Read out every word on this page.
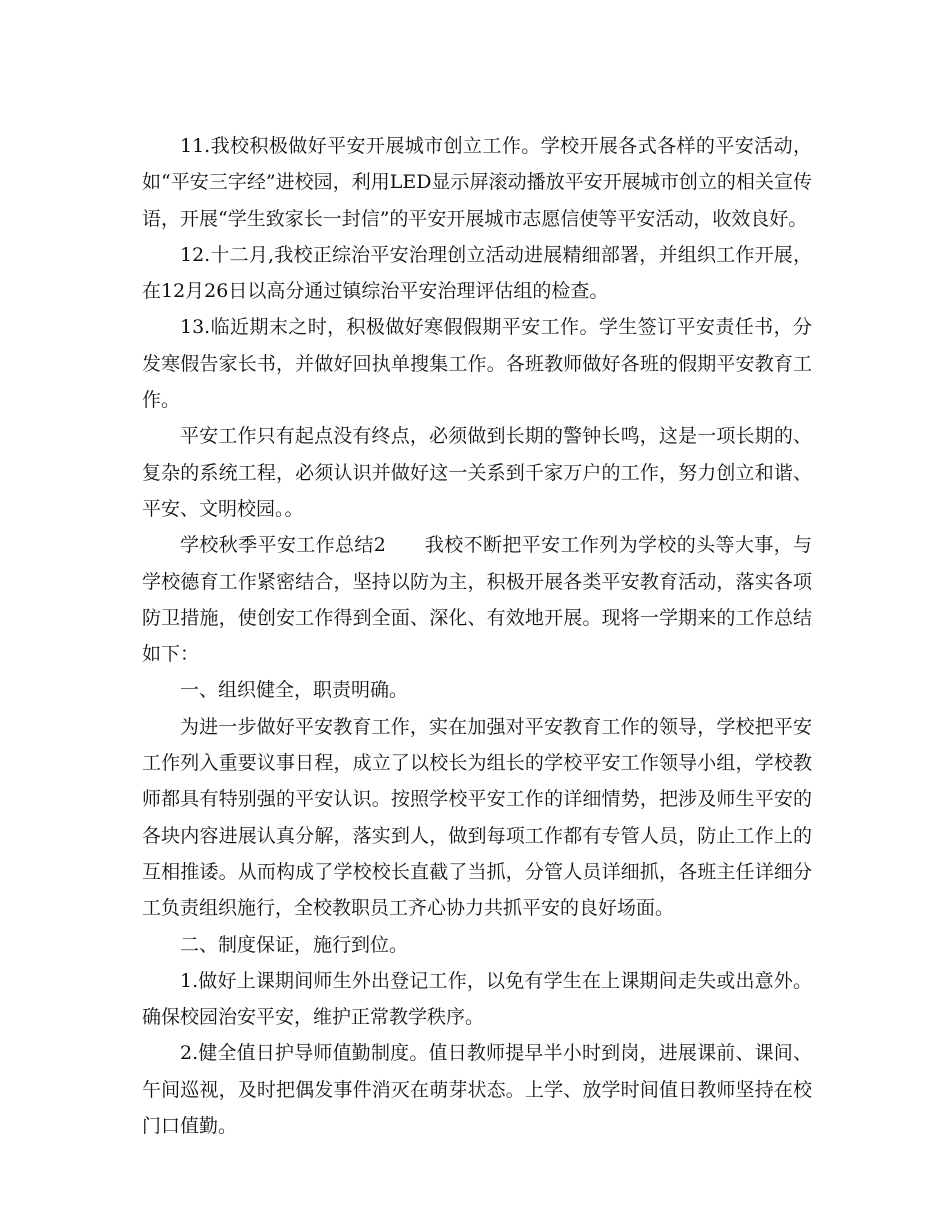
11.我校积极做好平安开展城市创立工作。学校开展各式各样的平安活动，如“平安三字经”进校园，利用LED显示屏滚动播放平安开展城市创立的相关宣传语，开展“学生致家长一封信”的平安开展城市志愿信使等平安活动，收效良好。

12.十二月,我校正综治平安治理创立活动进展精细部署，并组织工作开展，在12月26日以高分通过镇综治平安治理评估组的检查。

13.临近期末之时，积极做好寒假假期平安工作。学生签订平安责任书，分发寒假告家长书，并做好回执单搜集工作。各班教师做好各班的假期平安教育工作。

平安工作只有起点没有终点，必须做到长期的警钟长鸣，这是一项长期的、复杂的系统工程，必须认识并做好这一关系到千家万户的工作，努力创立和谐、平安、文明校园。。

学校秋季平安工作总结2　　我校不断把平安工作列为学校的头等大事，与学校德育工作紧密结合，坚持以防为主，积极开展各类平安教育活动，落实各项防卫措施，使创安工作得到全面、深化、有效地开展。现将一学期来的工作总结如下：

一、组织健全，职责明确。

为进一步做好平安教育工作，实在加强对平安教育工作的领导，学校把平安工作列入重要议事日程，成立了以校长为组长的学校平安工作领导小组，学校教师都具有特别强的平安认识。按照学校平安工作的详细情势，把涉及师生平安的各块内容进展认真分解，落实到人，做到每项工作都有专管人员，防止工作上的互相推诿。从而构成了学校校长直截了当抓，分管人员详细抓，各班主任详细分工负责组织施行，全校教职员工齐心协力共抓平安的良好场面。

二、制度保证，施行到位。

1.做好上课期间师生外出登记工作，以免有学生在上课期间走失或出意外。确保校园治安平安，维护正常教学秩序。

2.健全值日护导师值勤制度。值日教师提早半小时到岗，进展课前、课间、午间巡视，及时把偶发事件消灭在萌芽状态。上学、放学时间值日教师坚持在校门口值勤。
